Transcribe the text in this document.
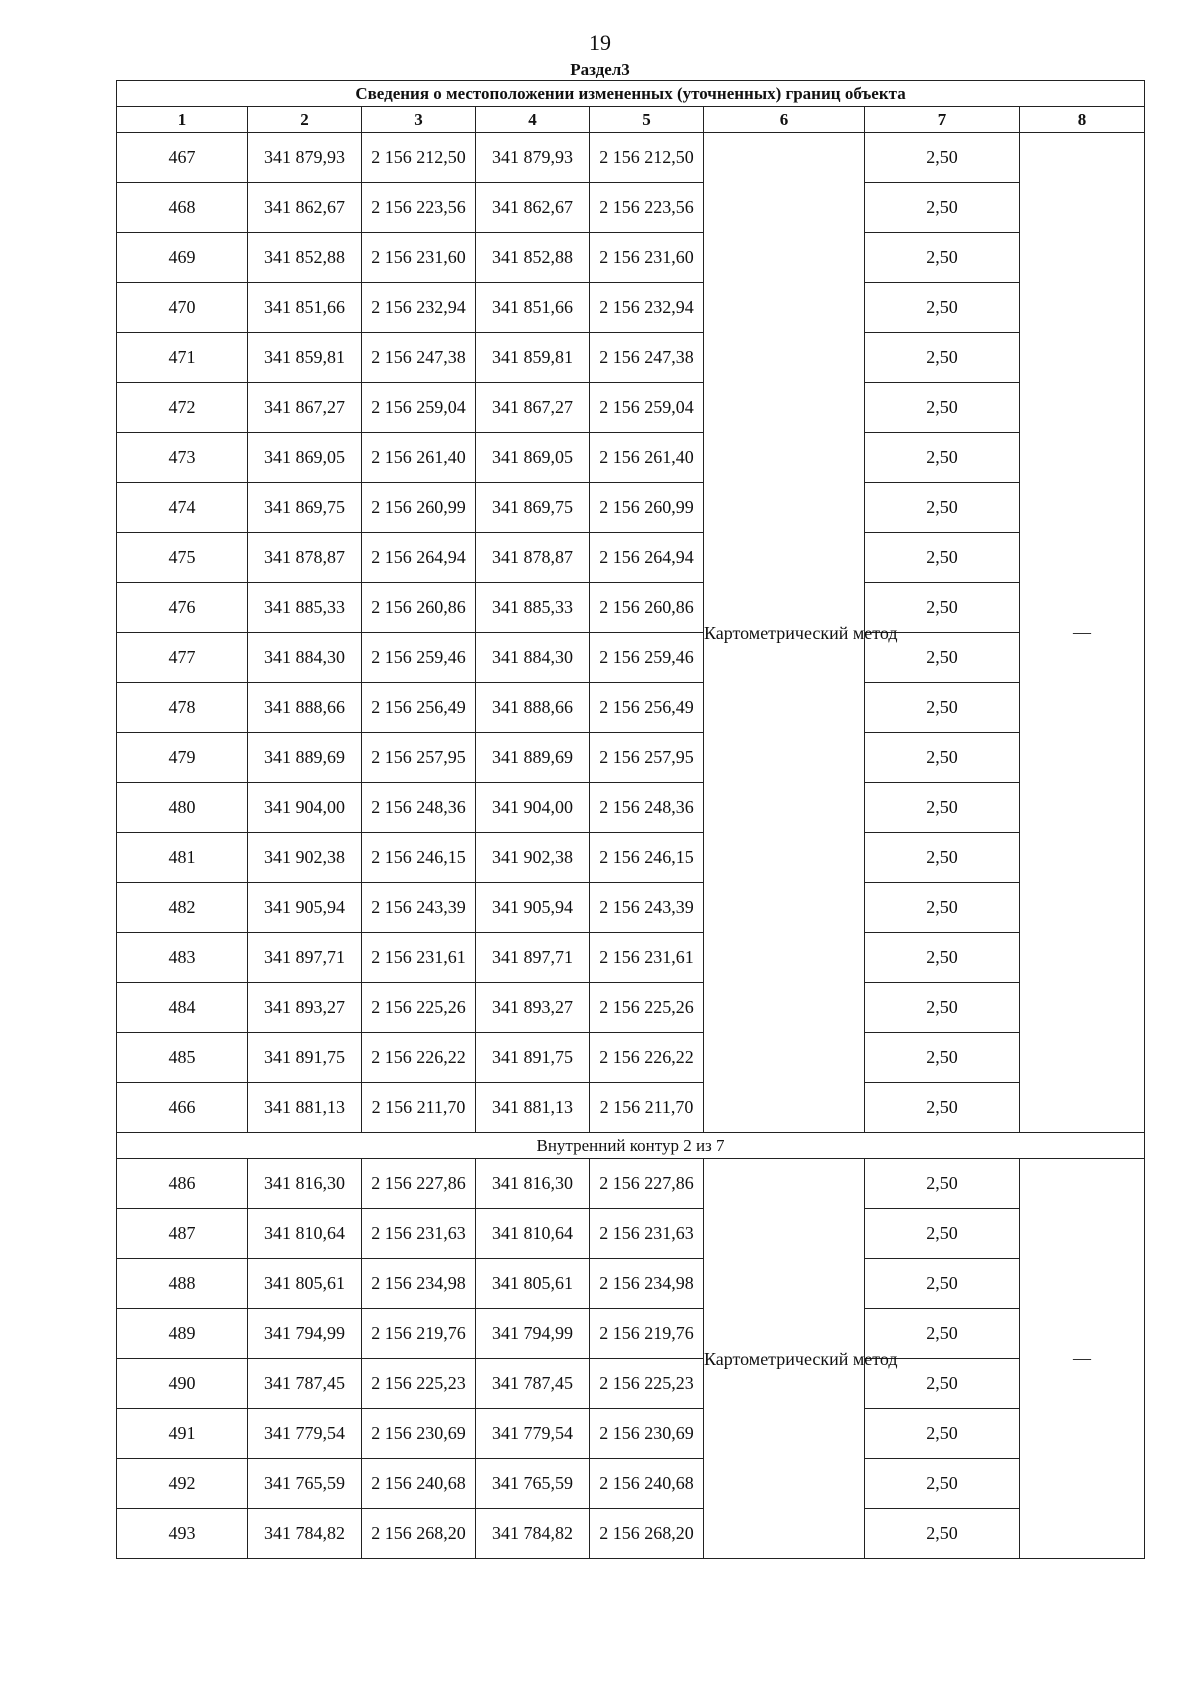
19
Раздел3
Сведения о местоположении измененных (уточненных) границ объекта							
1	2	3	4	5	6	7	8
467	341 879,93	2 156 212,50	341 879,93	2 156 212,50	Картометрический метод	2,50	—
468	341 862,67	2 156 223,56	341 862,67	2 156 223,56		2,50	
469	341 852,88	2 156 231,60	341 852,88	2 156 231,60		2,50	
470	341 851,66	2 156 232,94	341 851,66	2 156 232,94		2,50	
471	341 859,81	2 156 247,38	341 859,81	2 156 247,38		2,50	
472	341 867,27	2 156 259,04	341 867,27	2 156 259,04		2,50	
473	341 869,05	2 156 261,40	341 869,05	2 156 261,40		2,50	
474	341 869,75	2 156 260,99	341 869,75	2 156 260,99		2,50	
475	341 878,87	2 156 264,94	341 878,87	2 156 264,94		2,50	
476	341 885,33	2 156 260,86	341 885,33	2 156 260,86		2,50	
477	341 884,30	2 156 259,46	341 884,30	2 156 259,46		2,50	
478	341 888,66	2 156 256,49	341 888,66	2 156 256,49		2,50	
479	341 889,69	2 156 257,95	341 889,69	2 156 257,95		2,50	
480	341 904,00	2 156 248,36	341 904,00	2 156 248,36		2,50	
481	341 902,38	2 156 246,15	341 902,38	2 156 246,15		2,50	
482	341 905,94	2 156 243,39	341 905,94	2 156 243,39		2,50	
483	341 897,71	2 156 231,61	341 897,71	2 156 231,61		2,50	
484	341 893,27	2 156 225,26	341 893,27	2 156 225,26		2,50	
485	341 891,75	2 156 226,22	341 891,75	2 156 226,22		2,50	
466	341 881,13	2 156 211,70	341 881,13	2 156 211,70		2,50	
Внутренний контур 2 из 7							
486	341 816,30	2 156 227,86	341 816,30	2 156 227,86	Картометрический метод	2,50	—
487	341 810,64	2 156 231,63	341 810,64	2 156 231,63		2,50	
488	341 805,61	2 156 234,98	341 805,61	2 156 234,98		2,50	
489	341 794,99	2 156 219,76	341 794,99	2 156 219,76		2,50	
490	341 787,45	2 156 225,23	341 787,45	2 156 225,23		2,50	
491	341 779,54	2 156 230,69	341 779,54	2 156 230,69		2,50	
492	341 765,59	2 156 240,68	341 765,59	2 156 240,68		2,50	
493	341 784,82	2 156 268,20	341 784,82	2 156 268,20		2,50	
